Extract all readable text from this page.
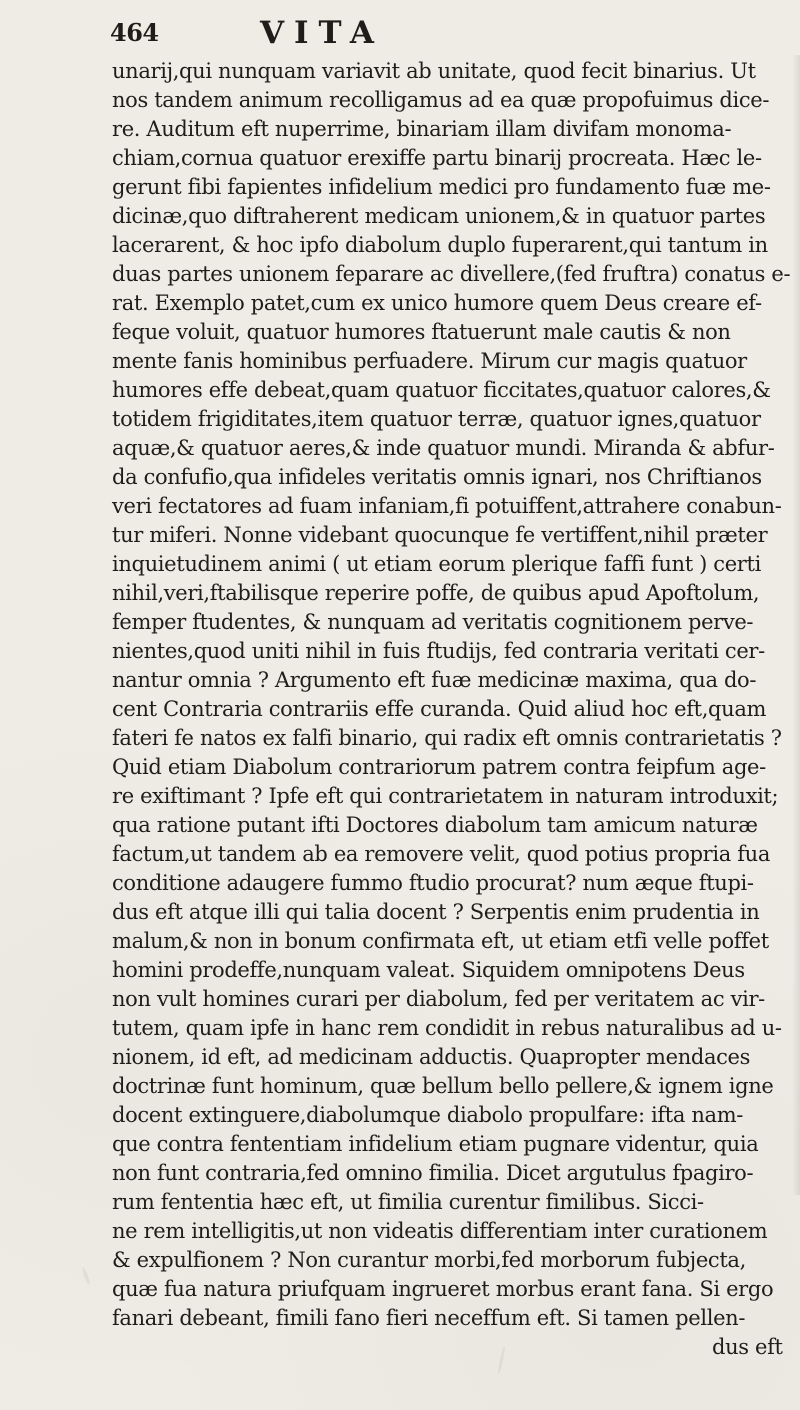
464	VITA
unarij,qui nunquam variavit ab unitate, quod fecit binarius. Ut
nos tandem animum recolligamus ad ea quæ propofuimus dice-
re. Auditum eft nuperrime, binariam illam divifam monoma-
chiam,cornua quatuor erexiffe partu binarij procreata. Hæc le-
gerunt fibi fapientes infidelium medici pro fundamento fuæ me-
dicinæ,quo diftraherent medicam unionem,& in quatuor partes
lacerarent, & hoc ipfo diabolum duplo fuperarent,qui tantum in
duas partes unionem feparare ac divellere,(fed fruftra) conatus e-
rat. Exemplo patet,cum ex unico humore quem Deus creare ef-
feque voluit, quatuor humores ftatuerunt male cautis & non
mente fanis hominibus perfuadere. Mirum cur magis quatuor
humores effe debeat,quam quatuor ficcitates,quatuor calores,&
totidem frigiditates,item quatuor terræ, quatuor ignes,quatuor
aquæ,& quatuor aeres,& inde quatuor mundi. Miranda & abfur-
da confufio,qua infideles veritatis omnis ignari, nos Chriftianos
veri fectatores ad fuam infaniam,fi potuiffent,attrahere conabun-
tur miferi. Nonne videbant quocunque fe vertiffent,nihil præter
inquietudinem animi ( ut etiam eorum plerique faffi funt ) certi
nihil,veri,ftabilisque reperire poffe, de quibus apud Apoftolum,
femper ftudentes, & nunquam ad veritatis cognitionem perve-
nientes,quod uniti nihil in fuis ftudijs, fed contraria veritati cer-
nantur omnia ? Argumento eft fuæ medicinæ maxima, qua do-
cent Contraria contrariis effe curanda. Quid aliud hoc eft,quam
fateri fe natos ex falfi binario, qui radix eft omnis contrarietatis ?
Quid etiam Diabolum contrariorum patrem contra feipfum age-
re exiftimant ? Ipfe eft qui contrarietatem in naturam introduxit;
qua ratione putant ifti Doctores diabolum tam amicum naturæ
factum,ut tandem ab ea removere velit, quod potius propria fua
conditione adaugere fummo ftudio procurat? num æque ftupi-
dus eft atque illi qui talia docent ? Serpentis enim prudentia in
malum,& non in bonum confirmata eft, ut etiam etfi velle poffet
homini prodeffe,nunquam valeat. Siquidem omnipotens Deus
non vult homines curari per diabolum, fed per veritatem ac vir-
tutem, quam ipfe in hanc rem condidit in rebus naturalibus ad u-
nionem, id eft, ad medicinam adductis. Quapropter mendaces
doctrinæ funt hominum, quæ bellum bello pellere,& ignem igne
docent extinguere,diabolumque diabolo propulfare: ifta nam-
que contra fententiam infidelium etiam pugnare videntur, quia
non funt contraria,fed omnino fimilia. Dicet argutulus fpagiro-
rum fententia hæc eft, ut fimilia curentur fimilibus. Sicci-
ne rem intelligitis,ut non videatis differentiam inter curationem
& expulfionem ? Non curantur morbi,fed morborum fubjecta,
quæ fua natura priufquam ingrueret morbus erant fana. Si ergo
fanari debeant, fimili fano fieri neceffum eft. Si tamen pellen-
dus eft
